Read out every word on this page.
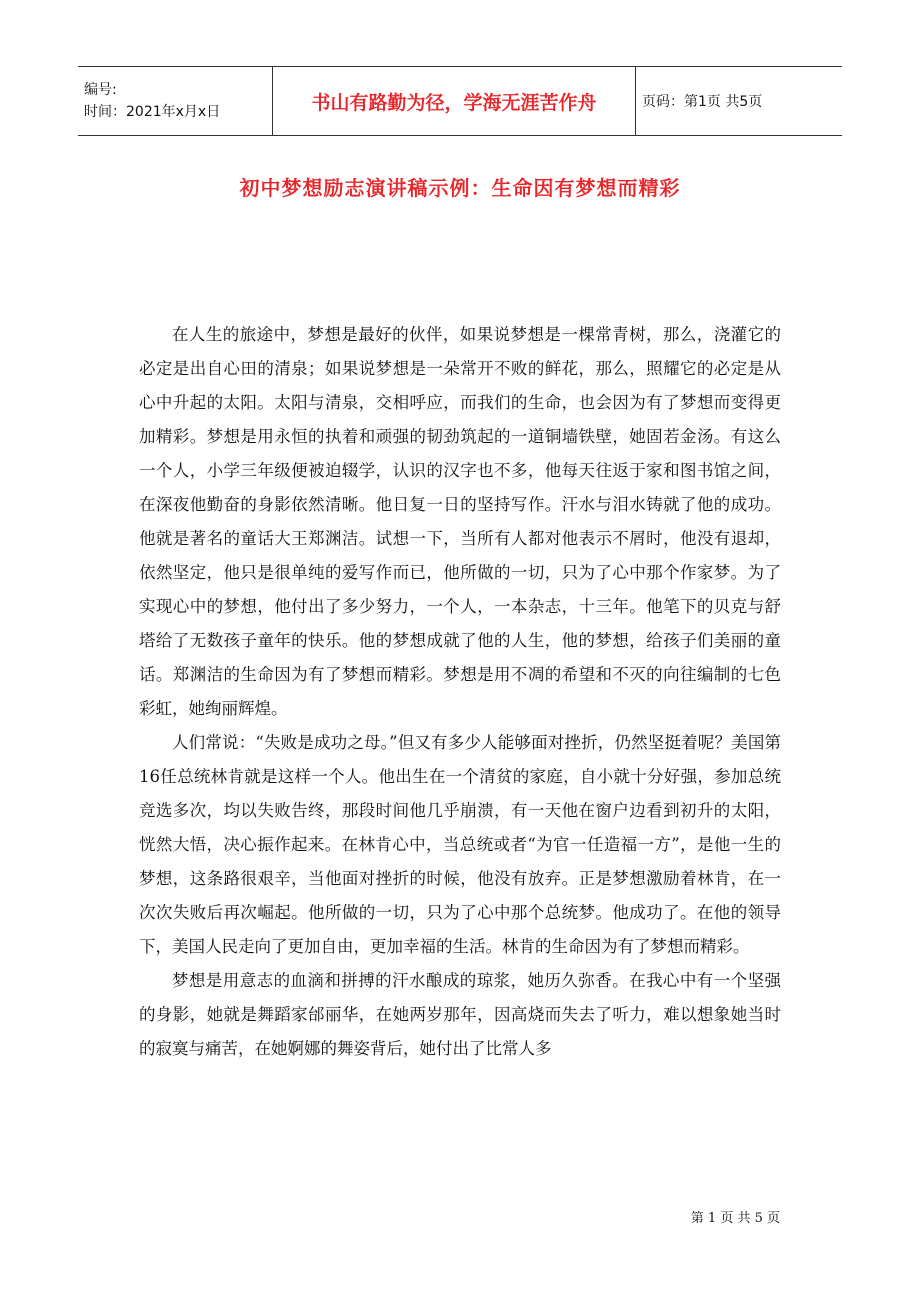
编号:
时间：2021年x月x日	书山有路勤为径，学海无涯苦作舟	页码：第1页 共5页
初中梦想励志演讲稿示例：生命因有梦想而精彩

在人生的旅途中，梦想是最好的伙伴，如果说梦想是一棵常青树，那么，浇灌它的必定是出自心田的清泉；如果说梦想是一朵常开不败的鲜花，那么，照耀它的必定是从心中升起的太阳。太阳与清泉，交相呼应，而我们的生命，也会因为有了梦想而变得更加精彩。梦想是用永恒的执着和顽强的韧劲筑起的一道铜墙铁壁，她固若金汤。有这么一个人，小学三年级便被迫辍学，认识的汉字也不多，他每天往返于家和图书馆之间，在深夜他勤奋的身影依然清晰。他日复一日的坚持写作。汗水与泪水铸就了他的成功。他就是著名的童话大王郑渊洁。试想一下，当所有人都对他表示不屑时，他没有退却，依然坚定，他只是很单纯的爱写作而已，他所做的一切，只为了心中那个作家梦。为了实现心中的梦想，他付出了多少努力，一个人，一本杂志，十三年。他笔下的贝克与舒塔给了无数孩子童年的快乐。他的梦想成就了他的人生，他的梦想，给孩子们美丽的童话。郑渊洁的生命因为有了梦想而精彩。梦想是用不凋的希望和不灭的向往编制的七色彩虹，她绚丽辉煌。

人们常说：“失败是成功之母。”但又有多少人能够面对挫折，仍然坚挺着呢？美国第16任总统林肯就是这样一个人。他出生在一个清贫的家庭，自小就十分好强，参加总统竞选多次，均以失败告终，那段时间他几乎崩溃，有一天他在窗户边看到初升的太阳，恍然大悟，决心振作起来。在林肯心中，当总统或者“为官一任造福一方”，是他一生的梦想，这条路很艰辛，当他面对挫折的时候，他没有放弃。正是梦想激励着林肯，在一次次失败后再次崛起。他所做的一切，只为了心中那个总统梦。他成功了。在他的领导下，美国人民走向了更加自由，更加幸福的生活。林肯的生命因为有了梦想而精彩。

梦想是用意志的血滴和拼搏的汗水酿成的琼浆，她历久弥香。在我心中有一个坚强的身影，她就是舞蹈家邰丽华，在她两岁那年，因高烧而失去了听力，难以想象她当时的寂寞与痛苦，在她婀娜的舞姿背后，她付出了比常人多

第 1 页 共 5 页
